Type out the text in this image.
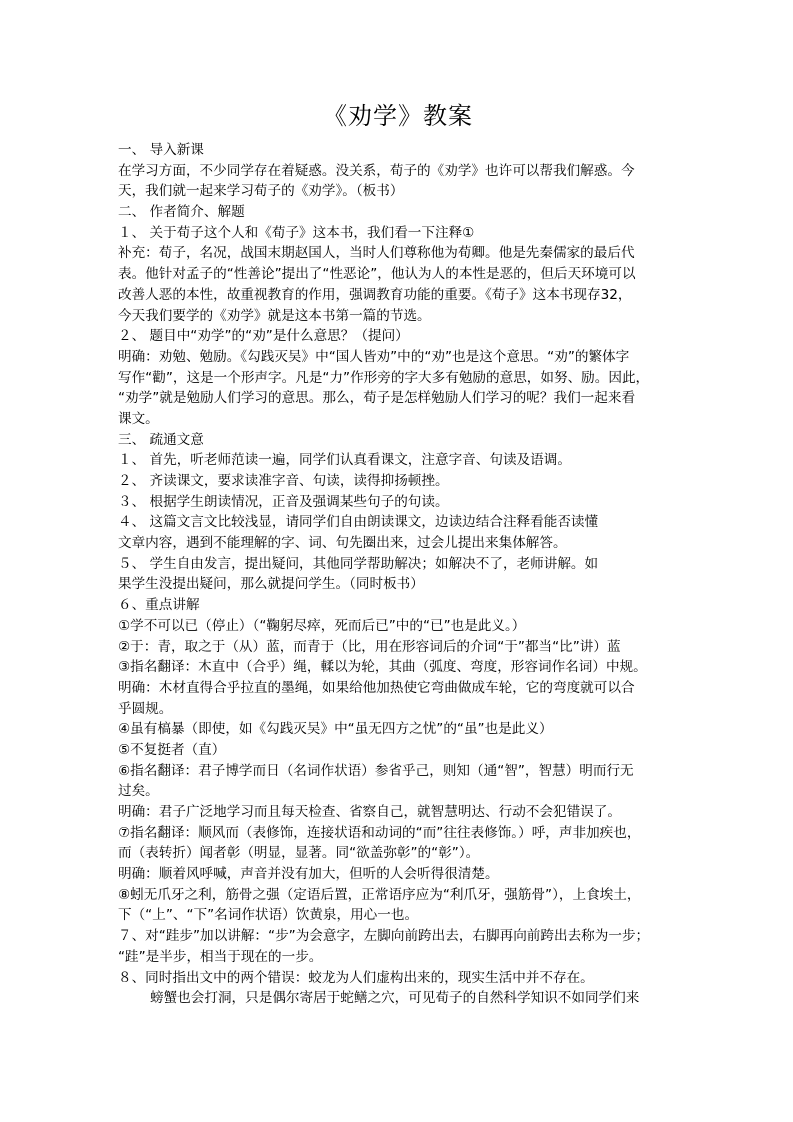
《劝学》教案
一、 导入新课
在学习方面，不少同学存在着疑惑。没关系，荀子的《劝学》也许可以帮我们解惑。今
天，我们就一起来学习荀子的《劝学》。（板书）
二、 作者简介、解题
１、 关于荀子这个人和《荀子》这本书，我们看一下注释①
补充：荀子，名况，战国末期赵国人，当时人们尊称他为荀卿。他是先秦儒家的最后代
表。他针对孟子的“性善论”提出了“性恶论”，他认为人的本性是恶的，但后天环境可以
改善人恶的本性，故重视教育的作用，强调教育功能的重要。《荀子》这本书现存32，
今天我们要学的《劝学》就是这本书第一篇的节选。
２、 题目中“劝学”的“劝”是什么意思？（提问）
明确：劝勉、勉励。《勾践灭吴》中“国人皆劝”中的“劝”也是这个意思。“劝”的繁体字
写作“勸”，这是一个形声字。凡是“力”作形旁的字大多有勉励的意思，如努、励。因此，
“劝学”就是勉励人们学习的意思。那么，荀子是怎样勉励人们学习的呢？我们一起来看
课文。
三、 疏通文意
１、 首先，听老师范读一遍，同学们认真看课文，注意字音、句读及语调。
２、 齐读课文，要求读准字音、句读，读得抑扬顿挫。
３、 根据学生朗读情况，正音及强调某些句子的句读。
４、 这篇文言文比较浅显，请同学们自由朗读课文，边读边结合注释看能否读懂
文章内容，遇到不能理解的字、词、句先圈出来，过会儿提出来集体解答。
５、 学生自由发言，提出疑问，其他同学帮助解决；如解决不了，老师讲解。如
果学生没提出疑问，那么就提问学生。（同时板书）
６、重点讲解
①学不可以已（停止）（“鞠躬尽瘁，死而后已”中的“已”也是此义。）
②于：青，取之于（从）蓝，而青于（比，用在形容词后的介词“于”都当“比”讲）蓝
③指名翻译：木直中（合乎）绳，輮以为轮，其曲（弧度、弯度，形容词作名词）中规。
明确：木材直得合乎拉直的墨绳，如果给他加热使它弯曲做成车轮，它的弯度就可以合
乎圆规。
④虽有槁暴（即使，如《勾践灭吴》中“虽无四方之忧”的“虽”也是此义）
⑤不复挺者（直）
⑥指名翻译：君子博学而日（名词作状语）参省乎己，则知（通“智”，智慧）明而行无
过矣。
明确：君子广泛地学习而且每天检查、省察自己，就智慧明达、行动不会犯错误了。
⑦指名翻译：顺风而（表修饰，连接状语和动词的“而”往往表修饰。）呼，声非加疾也，
而（表转折）闻者彰（明显，显著。同“欲盖弥彰”的“彰”）。
明确：顺着风呼喊，声音并没有加大，但听的人会听得很清楚。
⑧蚓无爪牙之利，筋骨之强（定语后置，正常语序应为“利爪牙，强筋骨”），上食埃土，
下（“上”、“下”名词作状语）饮黄泉，用心一也。
７、对“跬步”加以讲解：“步”为会意字，左脚向前跨出去，右脚再向前跨出去称为一步；
“跬”是半步，相当于现在的一步。
８、同时指出文中的两个错误：蛟龙为人们虚构出来的，现实生活中并不存在。
螃蟹也会打洞，只是偶尔寄居于蛇鳝之穴，可见荀子的自然科学知识不如同学们来
